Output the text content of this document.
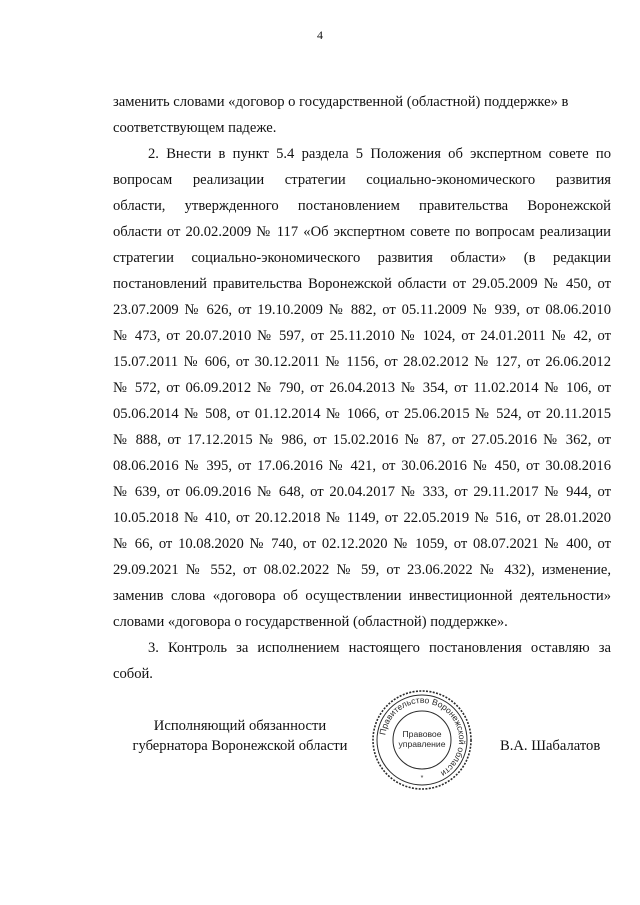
4
заменить словами «договор о государственной (областной) поддержке» в
соответствующем падеже.
2. Внести в пункт 5.4 раздела 5 Положения об экспертном совете по
вопросам реализации стратегии социально-экономического развития
области, утвержденного постановлением правительства Воронежской
области от 20.02.2009 № 117 «Об экспертном совете по вопросам реализации
стратегии социально-экономического развития области» (в редакции
постановлений правительства Воронежской области от 29.05.2009 № 450, от
23.07.2009 № 626, от 19.10.2009 № 882, от 05.11.2009 № 939, от 08.06.2010
№ 473, от 20.07.2010 № 597, от 25.11.2010 № 1024, от 24.01.2011 № 42, от
15.07.2011 № 606, от 30.12.2011 № 1156, от 28.02.2012 № 127, от 26.06.2012
№ 572, от 06.09.2012 № 790, от 26.04.2013 № 354, от 11.02.2014 № 106, от
05.06.2014 № 508, от 01.12.2014 № 1066, от 25.06.2015 № 524, от 20.11.2015
№ 888, от 17.12.2015 № 986, от 15.02.2016 № 87, от 27.05.2016 № 362, от
08.06.2016 № 395, от 17.06.2016 № 421, от 30.06.2016 № 450, от 30.08.2016
№ 639, от 06.09.2016 № 648, от 20.04.2017 № 333, от 29.11.2017 № 944, от
10.05.2018 № 410, от 20.12.2018 № 1149, от 22.05.2019 № 516, от 28.01.2020
№ 66, от 10.08.2020 № 740, от 02.12.2020 № 1059, от 08.07.2021 № 400, от
29.09.2021 № 552, от 08.02.2022 № 59, от 23.06.2022 № 432), изменение,
заменив слова «договора об осуществлении инвестиционной деятельности»
словами «договора о государственной (областной) поддержке».
3. Контроль за исполнением настоящего постановления оставляю за
собой.
Исполняющий обязанности
губернатора Воронежской области
Правительство Воронежской области
Правовое
управление
*
В.А. Шабалатов
